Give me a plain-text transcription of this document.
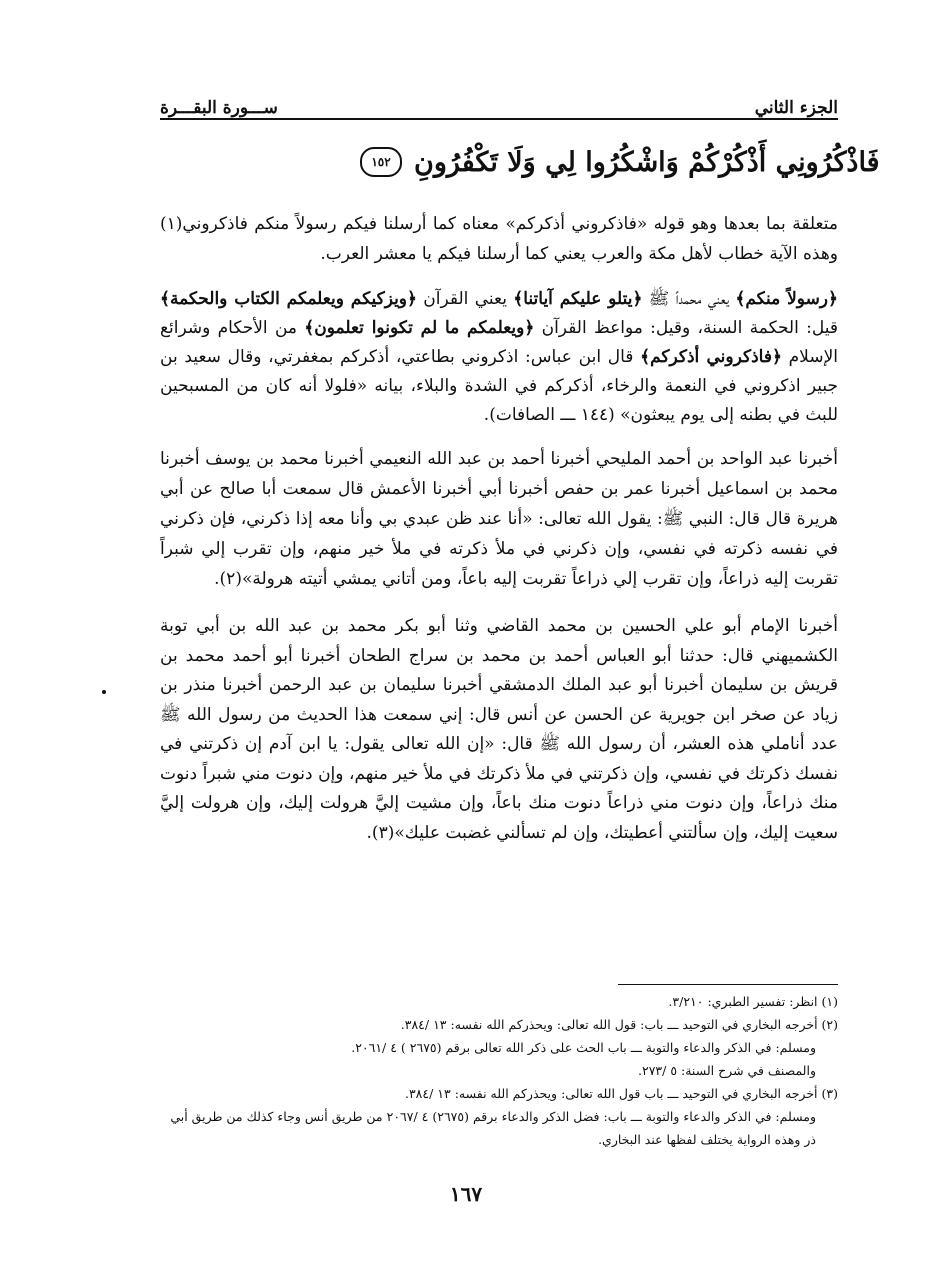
الجزء الثاني
ســـورة البقـــرة
فَاذْكُرُونِي أَذْكُرْكُمْ وَاشْكُرُوا لِي وَلَا تَكْفُرُونِ
١٥٢

متعلقة بما بعدها وهو قوله «فاذكروني أذكركم» معناه كما أرسلنا فيكم رسولاً منكم فاذكروني(١) وهذه الآية خطاب لأهل مكة والعرب يعني كما أرسلنا فيكم يا معشر العرب.

﴿رسولاً منكم﴾ يعني محمداً ﷺ ﴿يتلو عليكم آياتنا﴾ يعني القرآن ﴿ويزكيكم ويعلمكم الكتاب والحكمة﴾ قيل: الحكمة السنة، وقيل: مواعظ القرآن ﴿ويعلمكم ما لم تكونوا تعلمون﴾ من الأحكام وشرائع الإسلام ﴿فاذكروني أذكركم﴾ قال ابن عباس: اذكروني بطاعتي، أذكركم بمغفرتي، وقال سعيد بن جبير اذكروني في النعمة والرخاء، أذكركم في الشدة والبلاء، بيانه «فلولا أنه كان من المسبحين للبث في بطنه إلى يوم يبعثون» (١٤٤ ـــ الصافات).

أخبرنا عبد الواحد بن أحمد المليحي أخبرنا أحمد بن عبد الله النعيمي أخبرنا محمد بن يوسف أخبرنا محمد بن اسماعيل أخبرنا عمر بن حفص أخبرنا أبي أخبرنا الأعمش قال سمعت أبا صالح عن أبي هريرة قال قال: النبي ﷺ: يقول الله تعالى: «أنا عند ظن عبدي بي وأنا معه إذا ذكرني، فإن ذكرني في نفسه ذكرته في نفسي، وإن ذكرني في ملأ ذكرته في ملأ خير منهم، وإن تقرب إلي شبراً تقربت إليه ذراعاً، وإن تقرب إلي ذراعاً تقربت إليه باعاً، ومن أتاني يمشي أتيته هرولة»(٢).

أخبرنا الإمام أبو علي الحسين بن محمد القاضي وثنا أبو بكر محمد بن عبد الله بن أبي توبة الكشميهني قال: حدثنا أبو العباس أحمد بن محمد بن سراج الطحان أخبرنا أبو أحمد محمد بن قريش بن سليمان أخبرنا أبو عبد الملك الدمشقي أخبرنا سليمان بن عبد الرحمن أخبرنا منذر بن زياد عن صخر ابن جويرية عن الحسن عن أنس قال: إني سمعت هذا الحديث من رسول الله ﷺ عدد أناملي هذه العشر، أن رسول الله ﷺ قال: «إن الله تعالى يقول: يا ابن آدم إن ذكرتني في نفسك ذكرتك في نفسي، وإن ذكرتني في ملأ ذكرتك في ملأ خير منهم، وإن دنوت مني شبراً دنوت منك ذراعاً، وإن دنوت مني ذراعاً دنوت منك باعاً، وإن مشيت إليَّ هرولت إليك، وإن هرولت إليَّ سعيت إليك، وإن سألتني أعطيتك، وإن لم تسألني غضبت عليك»(٣).

(١) انظر: تفسير الطبري: ٣/٢١٠.

(٢) أخرجه البخاري في التوحيد ـــ باب: قول الله تعالى: ويحذركم الله نفسه: ١٣ /٣٨٤.
ومسلم: في الذكر والدعاء والتوبة ـــ باب الحث على ذكر الله تعالى برقم (٢٦٧٥ ) ٤ /٢٠٦١.
والمصنف في شرح السنة: ٥ /٢٧٣.

(٣) أخرجه البخاري في التوحيد ـــ باب قول الله تعالى: ويحذركم الله نفسه: ١٣ /٣٨٤.
ومسلم: في الذكر والدعاء والتوبة ـــ باب: فضل الذكر والدعاء برقم (٢٦٧٥) ٤ /٢٠٦٧ من طريق أنس وجاء كذلك من طريق أبي ذر وهذه الرواية يختلف لفظها عند البخاري.

١٦٧
